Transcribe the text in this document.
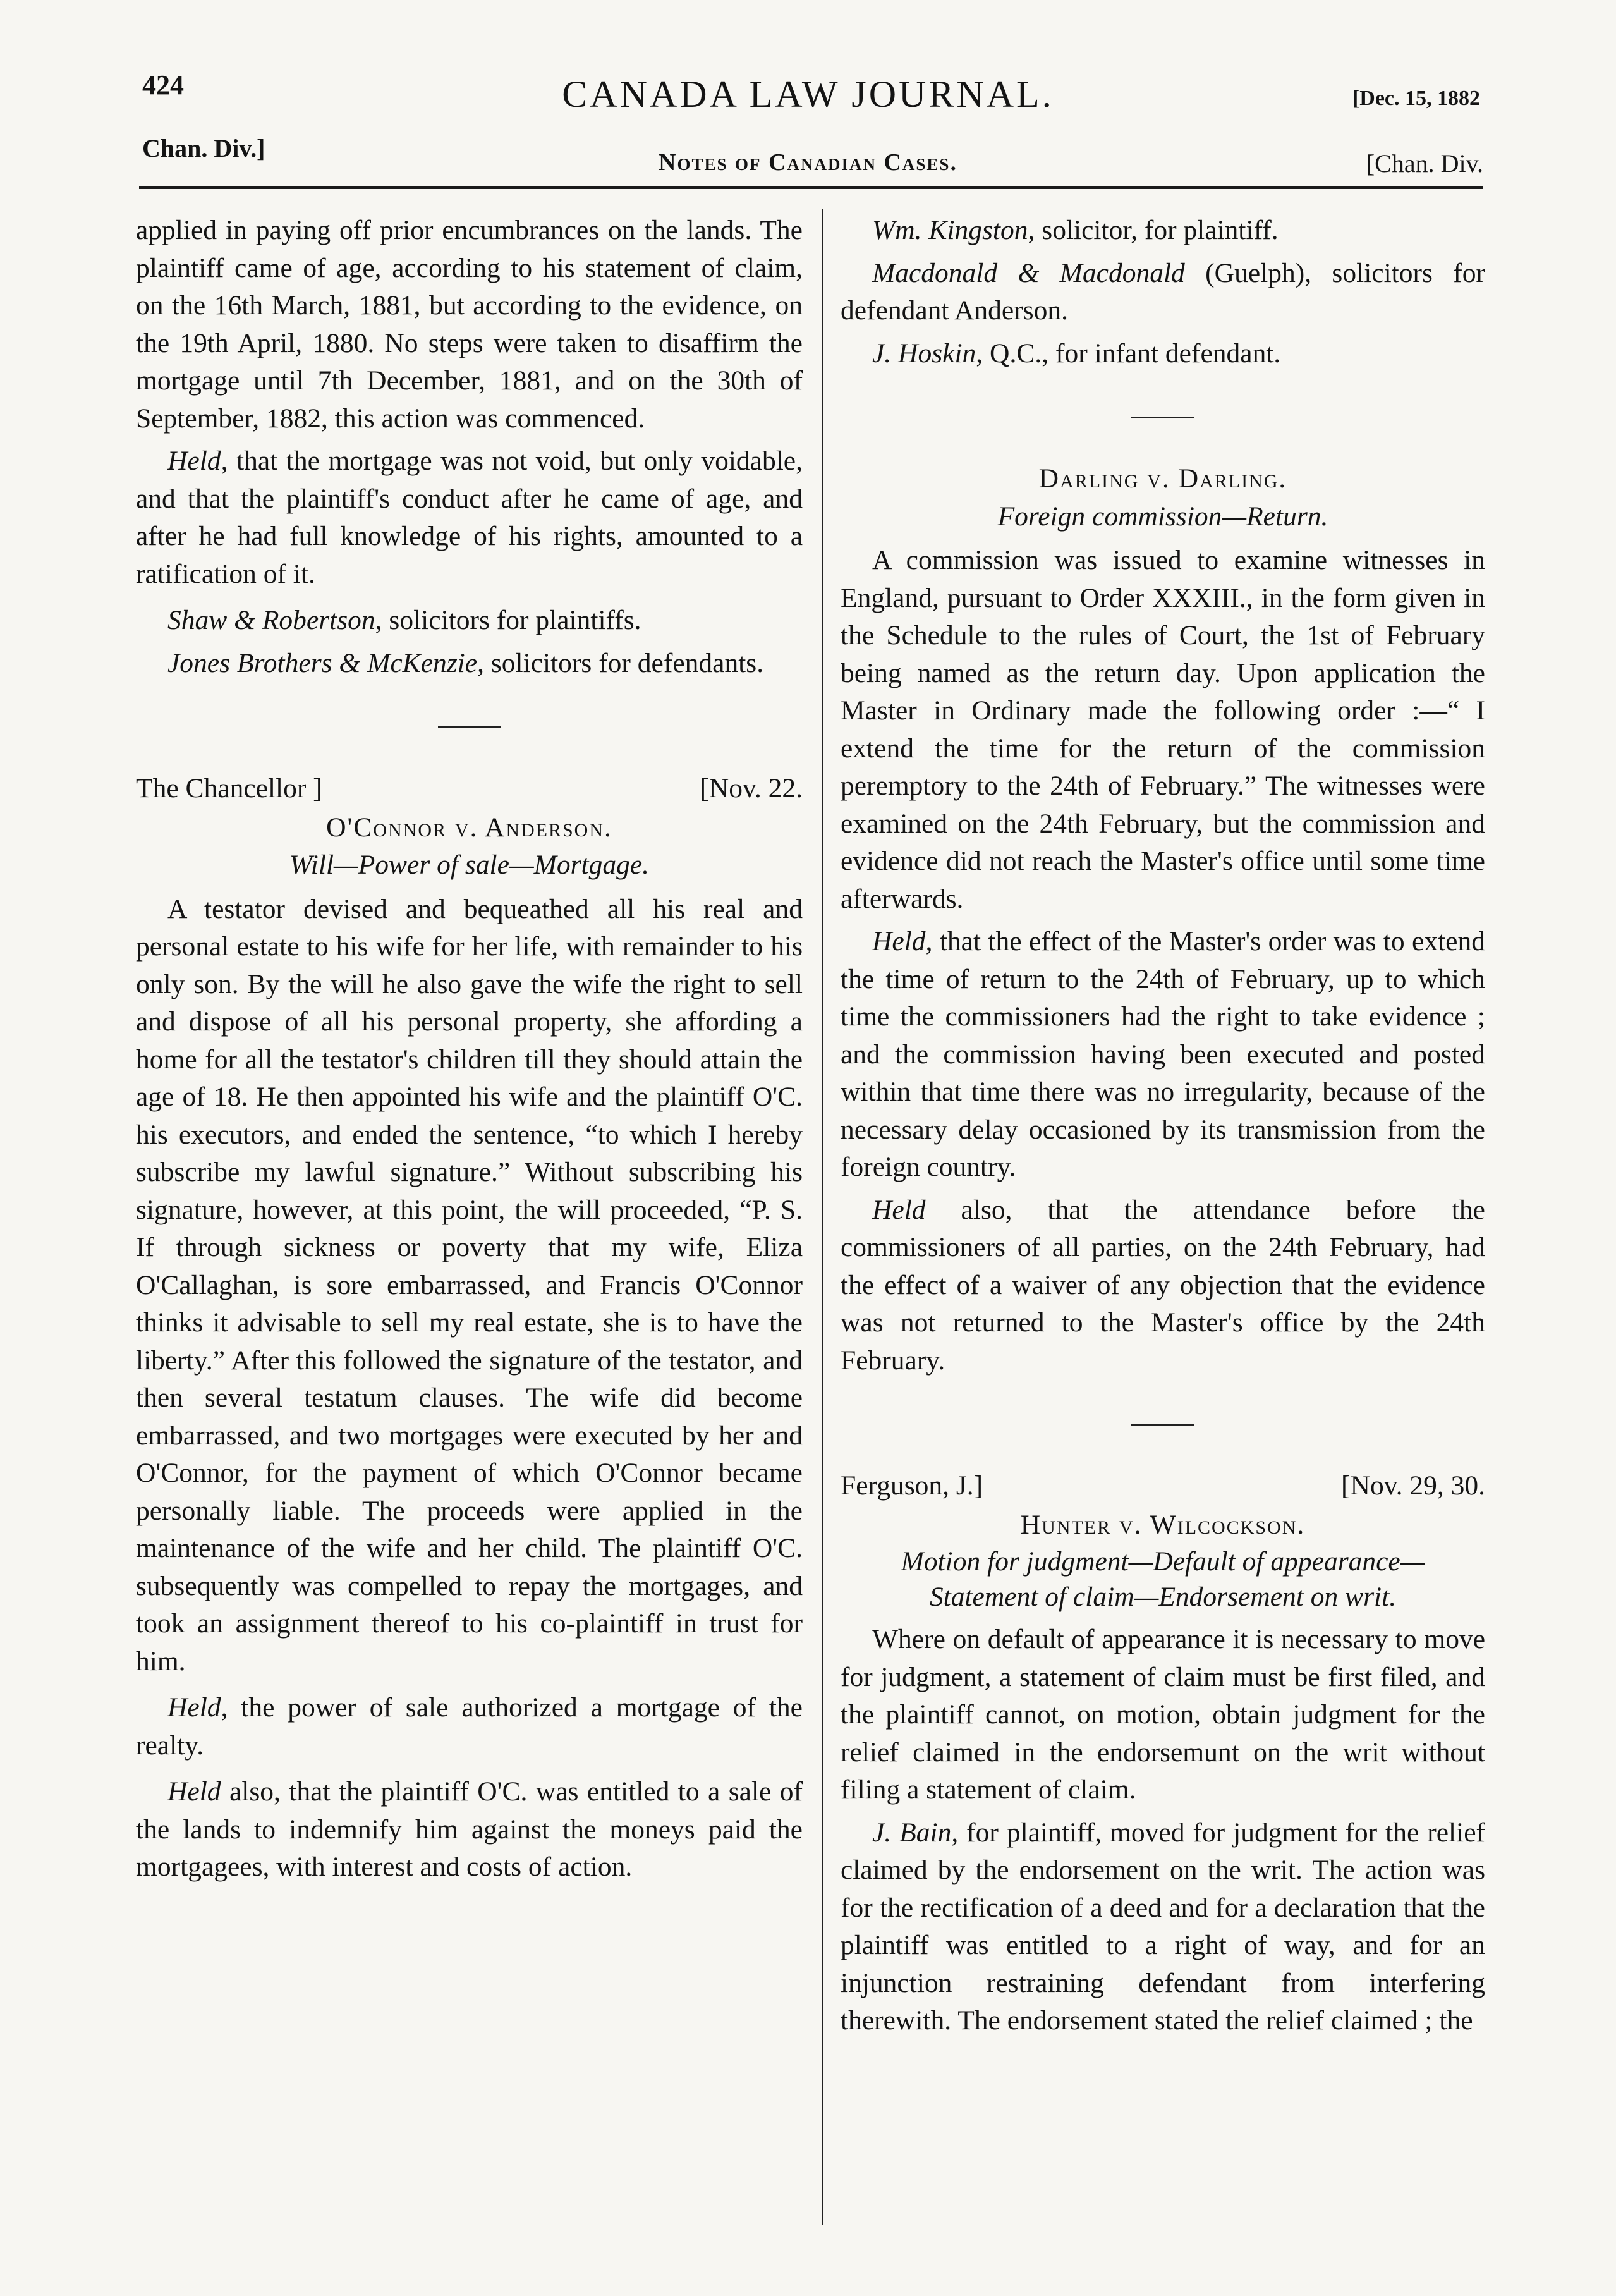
424	CANADA LAW JOURNAL.	[Dec. 15, 1882
Chan. Div.]	Notes of Canadian Cases.	[Chan. Div.

applied in paying off prior encumbrances on the lands. The plaintiff came of age, according to his statement of claim, on the 16th March, 1881, but according to the evidence, on the 19th April, 1880. No steps were taken to disaffirm the mortgage until 7th December, 1881, and on the 30th of September, 1882, this action was commenced.

Held, that the mortgage was not void, but only voidable, and that the plaintiff's conduct after he came of age, and after he had full knowledge of his rights, amounted to a ratification of it.

Shaw & Robertson, solicitors for plaintiffs.

Jones Brothers & McKenzie, solicitors for defendants.

The Chancellor ]	[Nov. 22.
O'Connor v. Anderson.
Will—Power of sale—Mortgage.

A testator devised and bequeathed all his real and personal estate to his wife for her life, with remainder to his only son. By the will he also gave the wife the right to sell and dispose of all his personal property, she affording a home for all the testator's children till they should attain the age of 18. He then appointed his wife and the plaintiff O'C. his executors, and ended the sentence, “to which I hereby subscribe my lawful signature.” Without subscribing his signature, however, at this point, the will proceeded, “P. S. If through sickness or poverty that my wife, Eliza O'Callaghan, is sore embarrassed, and Francis O'Connor thinks it advisable to sell my real estate, she is to have the liberty.” After this followed the signature of the testator, and then several testatum clauses. The wife did become embarrassed, and two mortgages were executed by her and O'Connor, for the payment of which O'Connor became personally liable. The proceeds were applied in the maintenance of the wife and her child. The plaintiff O'C. subsequently was compelled to repay the mortgages, and took an assignment thereof to his co-plaintiff in trust for him.

Held, the power of sale authorized a mortgage of the realty.

Held also, that the plaintiff O'C. was entitled to a sale of the lands to indemnify him against the moneys paid the mortgagees, with interest and costs of action.

Wm. Kingston, solicitor, for plaintiff.

Macdonald & Macdonald (Guelph), solicitors for defendant Anderson.

J. Hoskin, Q.C., for infant defendant.

Darling v. Darling.
Foreign commission—Return.

A commission was issued to examine witnesses in England, pursuant to Order XXXIII., in the form given in the Schedule to the rules of Court, the 1st of February being named as the return day. Upon application the Master in Ordinary made the following order :—“ I extend the time for the return of the commission peremptory to the 24th of February.” The witnesses were examined on the 24th February, but the commission and evidence did not reach the Master's office until some time afterwards.

Held, that the effect of the Master's order was to extend the time of return to the 24th of February, up to which time the commissioners had the right to take evidence ; and the commission having been executed and posted within that time there was no irregularity, because of the necessary delay occasioned by its transmission from the foreign country.

Held also, that the attendance before the commissioners of all parties, on the 24th February, had the effect of a waiver of any objection that the evidence was not returned to the Master's office by the 24th February.

Ferguson, J.]	[Nov. 29, 30.
Hunter v. Wilcockson.
Motion for judgment—Default of appearance—
Statement of claim—Endorsement on writ.

Where on default of appearance it is necessary to move for judgment, a statement of claim must be first filed, and the plaintiff cannot, on motion, obtain judgment for the relief claimed in the endorsemunt on the writ without filing a statement of claim.

J. Bain, for plaintiff, moved for judgment for the relief claimed by the endorsement on the writ. The action was for the rectification of a deed and for a declaration that the plaintiff was entitled to a right of way, and for an injunction restraining defendant from interfering therewith. The endorsement stated the relief claimed ; the
